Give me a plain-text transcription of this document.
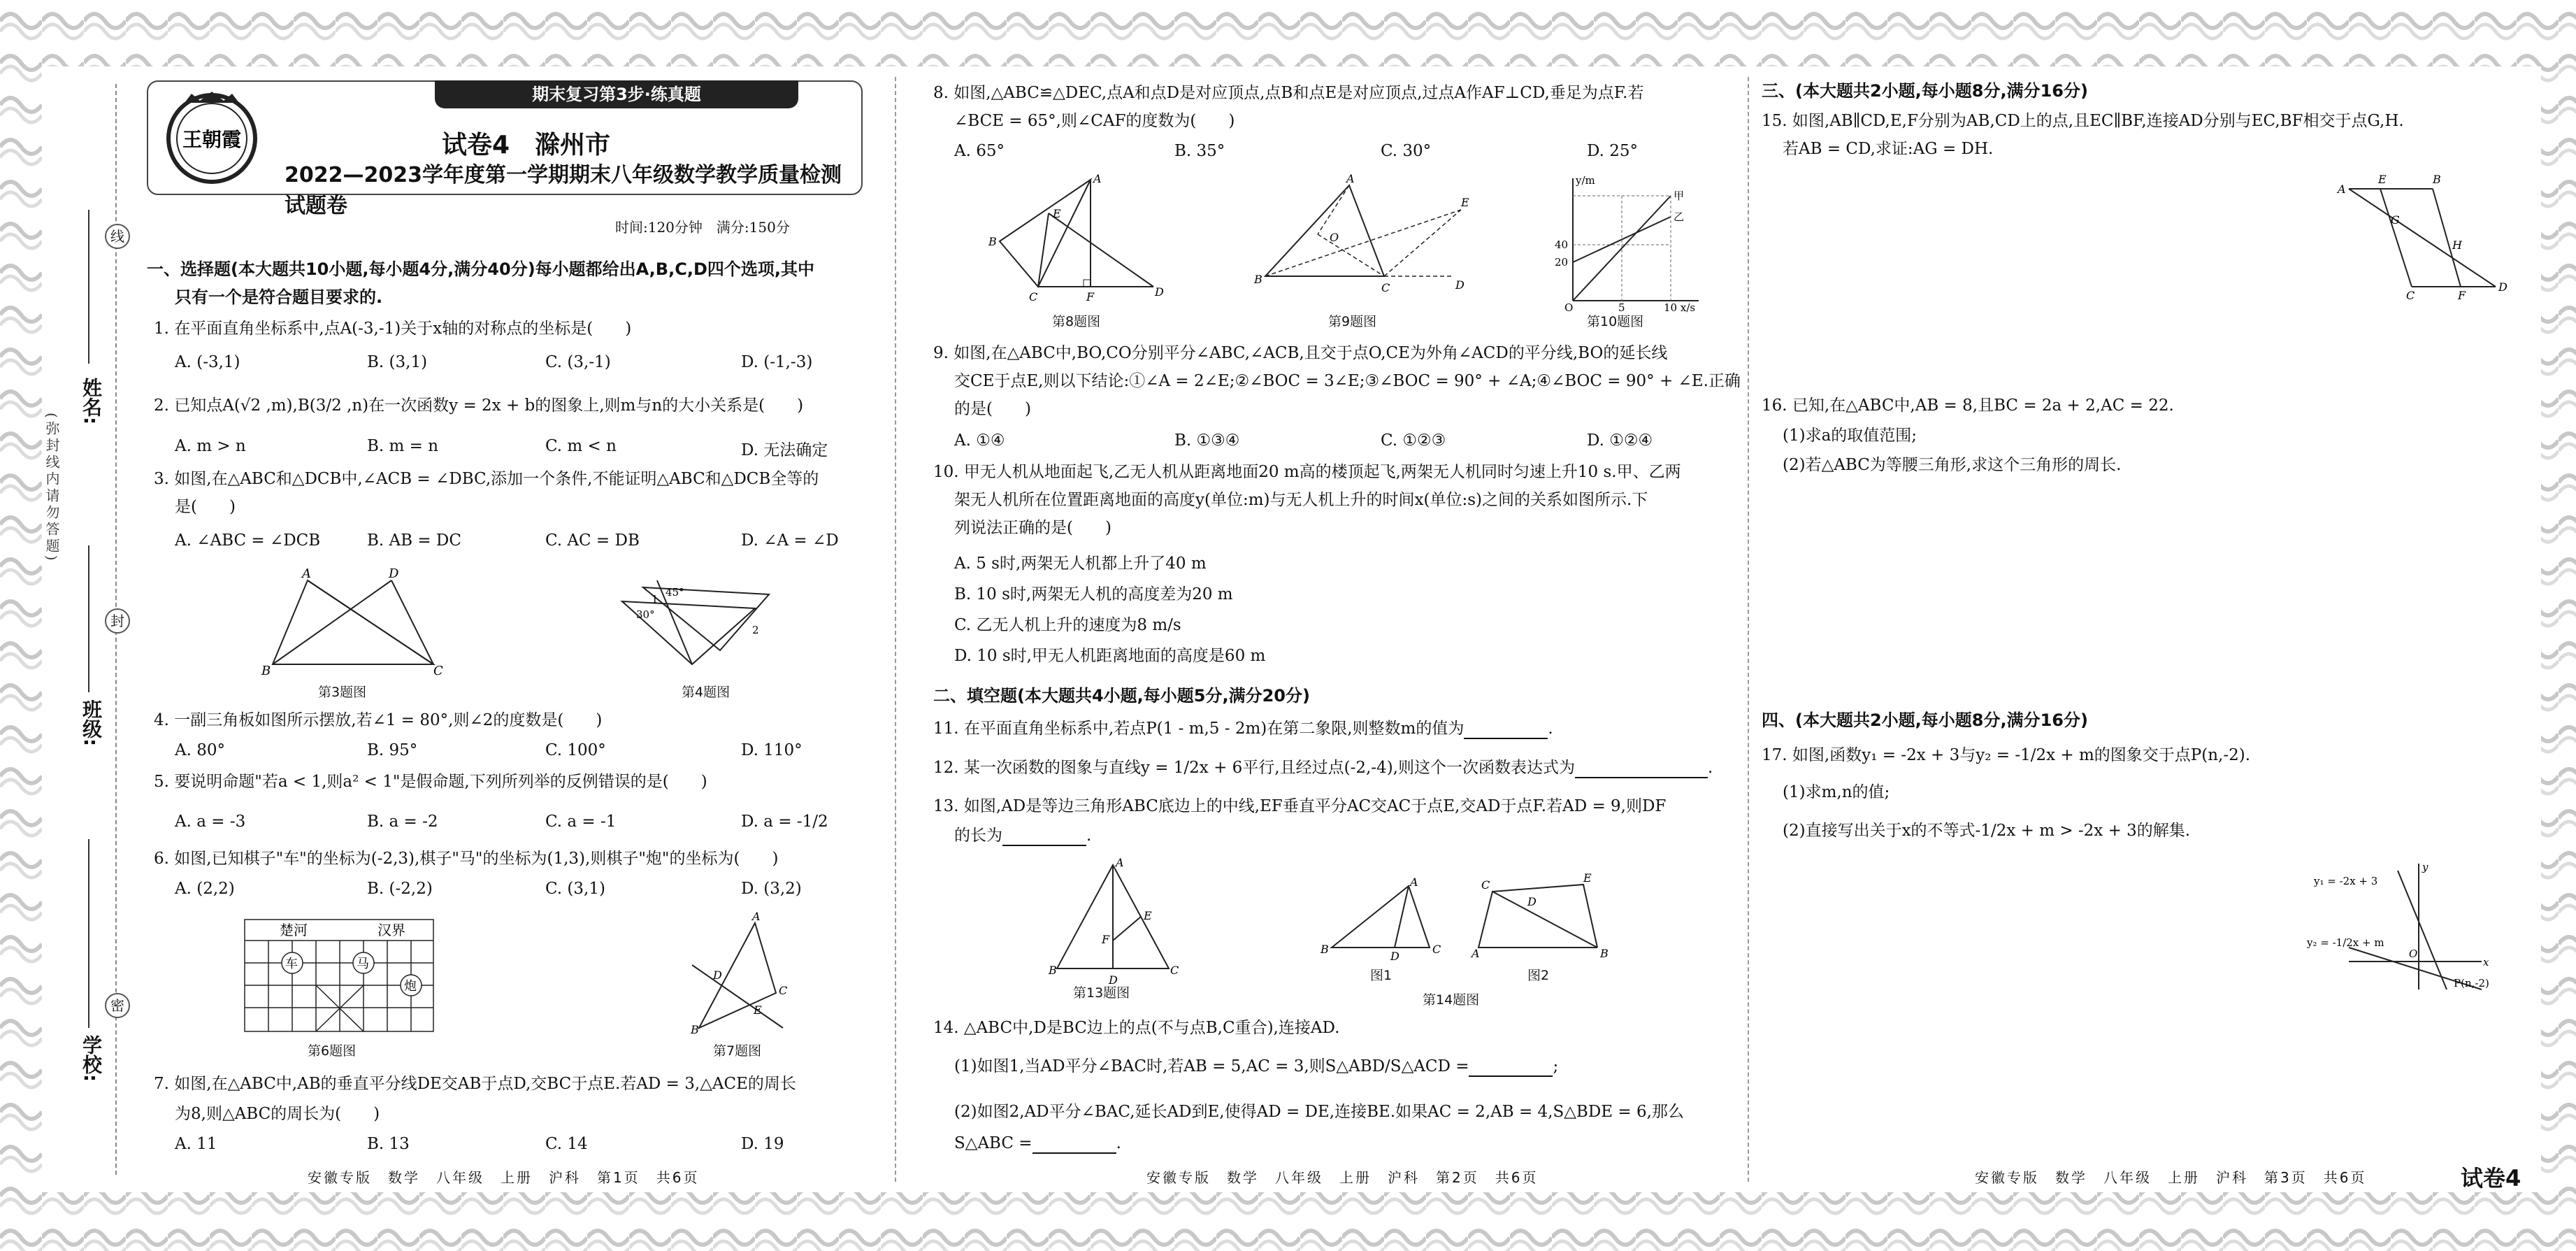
姓名:
班级:
学校:
线
封
密
(弥封线内请勿答题)
期末复习第3步·练真题
王朝霞	试卷4　滁州市
2022—2023学年度第一学期期末八年级数学教学质量检测试题卷
时间:120分钟　满分:150分
一、选择题(本大题共10小题,每小题4分,满分40分)每小题都给出A,B,C,D四个选项,其中
只有一个是符合题目要求的.
1. 在平面直角坐标系中,点A(-3,-1)关于x轴的对称点的坐标是(　　)
A. (-3,1)	B. (3,1)	C. (3,-1)	D. (-1,-3)
2. 已知点A(√2 ,m),B(3/2 ,n)在一次函数y = 2x + b的图象上,则m与n的大小关系是(　　)
A. m > n	B. m = n	C. m < n	D. 无法确定
3. 如图,在△ABC和△DCB中,∠ACB = ∠DBC,添加一个条件,不能证明△ABC和△DCB全等的
是(　　)
A. ∠ABC = ∠DCB	B. AB = DC	C. AC = DB	D. ∠A = ∠D
A	D
B	C
第3题图
1
45°
30°
2
第4题图
4. 一副三角板如图所示摆放,若∠1 = 80°,则∠2的度数是(　　)
A. 80°	B. 95°	C. 100°	D. 110°
5. 要说明命题"若a < 1,则a² < 1"是假命题,下列所列举的反例错误的是(　　)
A. a = -3	B. a = -2	C. a = -1	D. a = -1/2
6. 如图,已知棋子"车"的坐标为(-2,3),棋子"马"的坐标为(1,3),则棋子"炮"的坐标为(　　)
A. (2,2)	B. (-2,2)	C. (3,1)	D. (3,2)
楚河	汉界
车	马
炮
第6题图
A
D
E
B
C
第7题图
7. 如图,在△ABC中,AB的垂直平分线DE交AB于点D,交BC于点E.若AD = 3,△ACE的周长
为8,则△ABC的周长为(　　)
A. 11	B. 13	C. 14	D. 19
安徽专版　数学　八年级　上册　沪科　第1页　共6页
8. 如图,△ABC≌△DEC,点A和点D是对应顶点,点B和点E是对应顶点,过点A作AF⊥CD,垂足为点F.若
∠BCE = 65°,则∠CAF的度数为(　　)
A. 65°	B. 35°	C. 30°	D. 25°
A
E
B
C	F	D
第8题图
A
O
B
C	D
E
第9题图
y/m
甲
乙
40
20
O	5	10 x/s
第10题图
9. 如图,在△ABC中,BO,CO分别平分∠ABC,∠ACB,且交于点O,CE为外角∠ACD的平分线,BO的延长线
交CE于点E,则以下结论:①∠A = 2∠E;②∠BOC = 3∠E;③∠BOC = 90° + ∠A;④∠BOC = 90° + ∠E.正确
的是(　　)
A. ①④	B. ①③④	C. ①②③	D. ①②④
10. 甲无人机从地面起飞,乙无人机从距离地面20 m高的楼顶起飞,两架无人机同时匀速上升10 s.甲、乙两
架无人机所在位置距离地面的高度y(单位:m)与无人机上升的时间x(单位:s)之间的关系如图所示.下
列说法正确的是(　　)
A. 5 s时,两架无人机都上升了40 m
B. 10 s时,两架无人机的高度差为20 m
C. 乙无人机上升的速度为8 m/s
D. 10 s时,甲无人机距离地面的高度是60 m
二、填空题(本大题共4小题,每小题5分,满分20分)
11. 在平面直角坐标系中,若点P(1 - m,5 - 2m)在第二象限,则整数m的值为	.
12. 某一次函数的图象与直线y = 1/2x + 6平行,且经过点(-2,-4),则这个一次函数表达式为	.
13. 如图,AD是等边三角形ABC底边上的中线,EF垂直平分AC交AC于点E,交AD于点F.若AD = 9,则DF
的长为	.
A
E
F
B
D
C
第13题图
A
B
D
C
图1
C
D
E
A	B
图2
第14题图
14. △ABC中,D是BC边上的点(不与点B,C重合),连接AD.
(1)如图1,当AD平分∠BAC时,若AB = 5,AC = 3,则S△ABD/S△ACD =	;
(2)如图2,AD平分∠BAC,延长AD到E,使得AD = DE,连接BE.如果AC = 2,AB = 4,S△BDE = 6,那么
S△ABC =	.
安徽专版　数学　八年级　上册　沪科　第2页　共6页
三、(本大题共2小题,每小题8分,满分16分)
15. 如图,AB∥CD,E,F分别为AB,CD上的点,且EC∥BF,连接AD分别与EC,BF相交于点G,H.
若AB = CD,求证:AG = DH.
A
E	B
G
H
C	F
D
16. 已知,在△ABC中,AB = 8,且BC = 2a + 2,AC = 22.
(1)求a的取值范围;
(2)若△ABC为等腰三角形,求这个三角形的周长.
四、(本大题共2小题,每小题8分,满分16分)
17. 如图,函数y₁ = -2x + 3与y₂ = -1/2x + m的图象交于点P(n,-2).
(1)求m,n的值;
(2)直接写出关于x的不等式-1/2x + m > -2x + 3的解集.
y
x
O
y₁ = -2x + 3
y₂ = -1/2x + m
P(n,-2)
安徽专版　数学　八年级　上册　沪科　第3页　共6页	试卷4
